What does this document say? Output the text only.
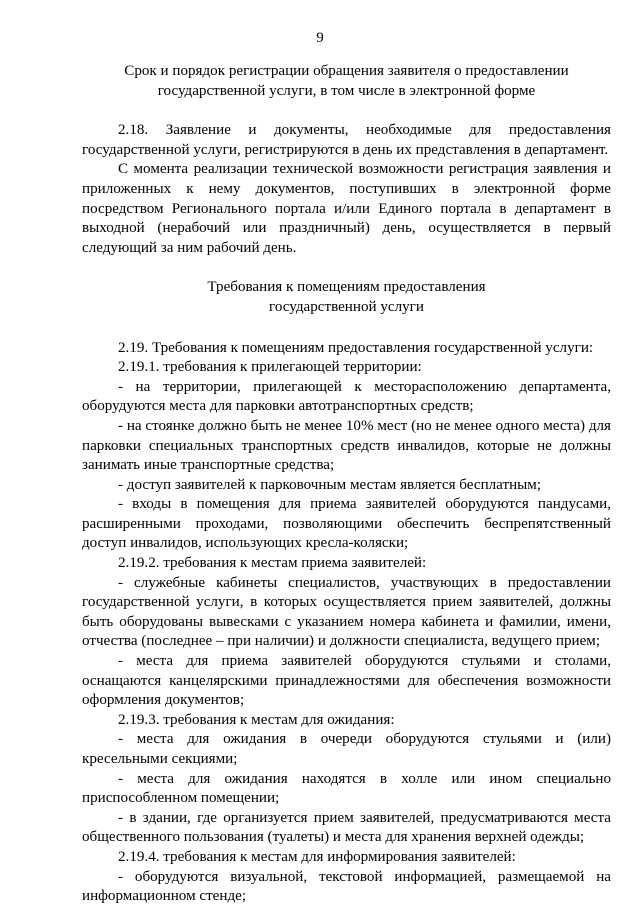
9
Срок и порядок регистрации обращения заявителя о предоставлении
государственной услуги, в том числе в электронной форме

2.18. Заявление и документы, необходимые для предоставления государственной услуги, регистрируются в день их представления в департамент.

С момента реализации технической возможности регистрация заявления и приложенных к нему документов, поступивших в электронной форме посредством Регионального портала и/или Единого портала в департамент в выходной (нерабочий или праздничный) день, осуществляется в первый следующий за ним рабочий день.

Требования к помещениям предоставления
государственной услуги

2.19. Требования к помещениям предоставления государственной услуги:

2.19.1. требования к прилегающей территории:

- на территории, прилегающей к месторасположению департамента, оборудуются места для парковки автотранспортных средств;

- на стоянке должно быть не менее 10% мест (но не менее одного места) для парковки специальных транспортных средств инвалидов, которые не должны занимать иные транспортные средства;

- доступ заявителей к парковочным местам является бесплатным;

- входы в помещения для приема заявителей оборудуются пандусами, расширенными проходами, позволяющими обеспечить беспрепятственный доступ инвалидов, использующих кресла-коляски;

2.19.2. требования к местам приема заявителей:

- служебные кабинеты специалистов, участвующих в предоставлении государственной услуги, в которых осуществляется прием заявителей, должны быть оборудованы вывесками с указанием номера кабинета и фамилии, имени, отчества (последнее – при наличии) и должности специалиста, ведущего прием;

- места для приема заявителей оборудуются стульями и столами, оснащаются канцелярскими принадлежностями для обеспечения возможности оформления документов;

2.19.3. требования к местам для ожидания:

- места для ожидания в очереди оборудуются стульями и (или) кресельными секциями;

- места для ожидания находятся в холле или ином специально приспособленном помещении;

- в здании, где организуется прием заявителей, предусматриваются места общественного пользования (туалеты) и места для хранения верхней одежды;

2.19.4. требования к местам для информирования заявителей:

- оборудуются визуальной, текстовой информацией, размещаемой на информационном стенде;
